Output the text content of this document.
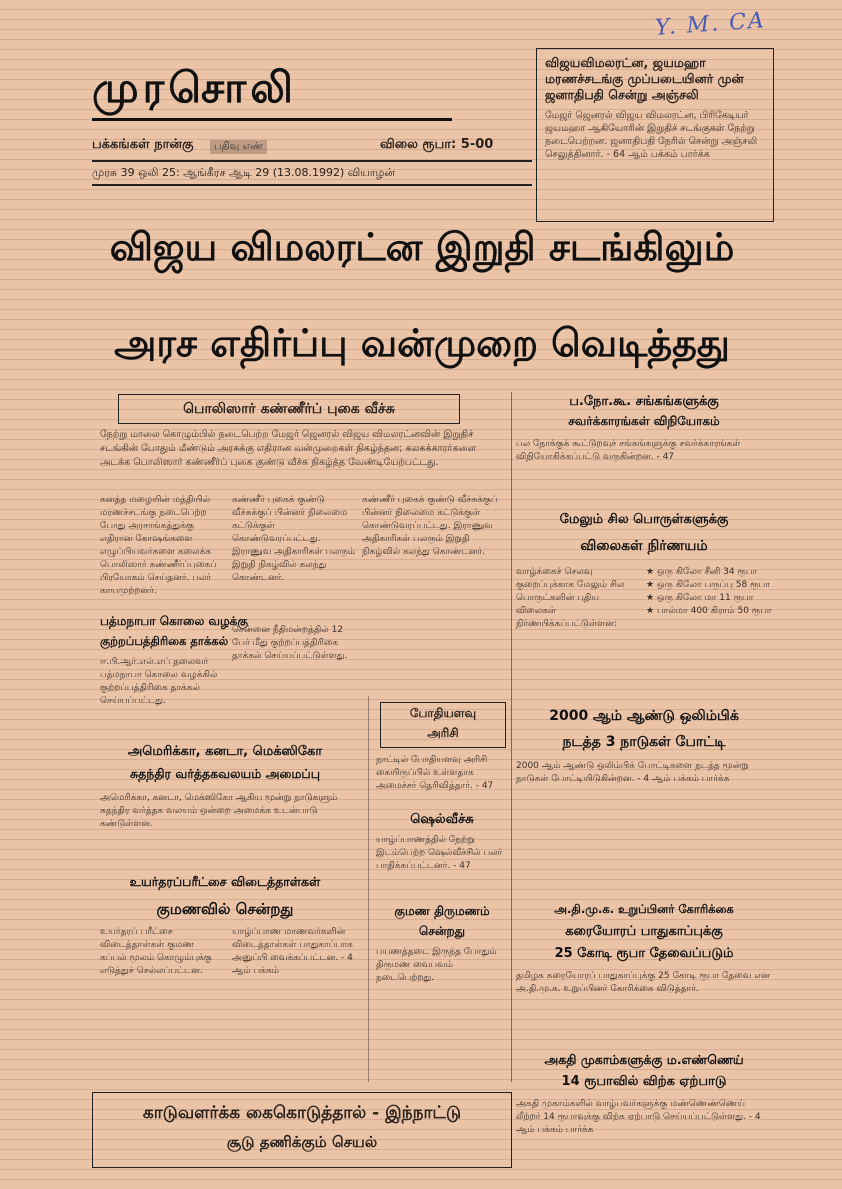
Y. M. CA
முரசொலி
பக்கங்கள் நான்கு	பதிவு எண்	விலை ரூபா: 5-00
முரசு 39 ஒலி 25: ஆங்கீரச ஆடி 29 (13.08.1992) வியாழன்
விஜயவிமலரட்ன, ஜயமஹா மரணச்சடங்கு முப்படையினர் முன் ஜனாதிபதி சென்று அஞ்சலி
மேஜர் ஜெனரல் விஜய விமலரட்ன, பிரிகேடியர் ஜயமஹா ஆகியோரின் இறுதிச் சடங்குகள் நேற்று நடைபெற்றன. ஜனாதிபதி நேரில் சென்று அஞ்சலி செலுத்தினார். - 64 ஆம் பக்கம் பார்க்க
விஜய விமலரட்ன இறுதி சடங்கிலும்
அரச எதிர்ப்பு வன்முறை வெடித்தது
பொலிஸார் கண்ணீர்ப் புகை வீச்சு
நேற்று மாலை கொழும்பில் நடைபெற்ற மேஜர் ஜெனரல் விஜய விமலரட்னவின் இறுதிச் சடங்கின் போதும் மீண்டும் அரசுக்கு எதிரான வன்முறைகள் நிகழ்ந்தன; கலகக்காரர்களை அடக்க பொலிஸார் கண்ணீர்ப் புகை குண்டு வீச்சு நிகழ்த்த வேண்டியேற்பட்டது.
கனத்த மழையின் மத்தியில் மரணச்சடங்கு நடைபெற்ற போது அரசாங்கத்துக்கு எதிரான கோஷங்களை எழுப்பியவர்களை கலைக்க பொலிஸார் கண்ணீர்ப்புகைப் பிரயோகம் செய்தனர். பலர் காயமுற்றனர்.
கண்ணீர் புகைக் குண்டு வீச்சுக்குப் பின்னர் நிலைமை கட்டுக்குள் கொண்டுவரப்பட்டது. இராணுவ அதிகாரிகள் பலரும் இறுதி நிகழ்வில் கலந்து கொண்டனர்.
பத்மநாபா கொலை வழக்கு
குற்றப்பத்திரிகை தாக்கல்
ஈ.பி.ஆர்.எல்.எப் தலைவர் பத்மநாபா கொலை வழக்கில் குற்றப்பத்திரிகை தாக்கல் செய்யப்பட்டது.
சென்னை நீதிமன்றத்தில் 12 பேர் மீது குற்றப்பத்திரிகை தாக்கல் செய்யப்பட்டுள்ளது.
கண்ணீர் புகைக் குண்டு வீச்சுக்குப் பின்னர் நிலைமை கட்டுக்குள் கொண்டுவரப்பட்டது. இராணுவ அதிகாரிகள் பலரும் இறுதி நிகழ்வில் கலந்து கொண்டனர்.
அமெரிக்கா, கனடா, மெக்ஸிகோ
சுதந்திர வர்த்தகவலயம் அமைப்பு
அமெரிக்கா, கனடா, மெக்ஸிகோ ஆகிய மூன்று நாடுகளும் சுதந்திர வர்த்தக வலயம் ஒன்றை அமைக்க உடன்பாடு கண்டுள்ளன.
உயர்தரப்பரீட்சை விடைத்தாள்கள்
குமணவில் சென்றது
உயர்தரப் பரீட்சை விடைத்தாள்கள் குமண கப்பல் மூலம் கொழும்புக்கு எடுத்துச் செல்லப்பட்டன.
யாழ்ப்பாண மாணவர்களின் விடைத்தாள்கள் பாதுகாப்பாக அனுப்பி வைக்கப்பட்டன. - 4 ஆம் பக்கம்
போதியளவு
அரிசி
நாட்டில் போதியளவு அரிசி கையிருப்பில் உள்ளதாக அமைச்சர் தெரிவித்தார். - 47
ஷெல்வீச்சு
யாழ்ப்பாணத்தில் நேற்று இடம்பெற்ற ஷெல்வீச்சில் பலர் பாதிக்கப்பட்டனர். - 47
குமண திருமணம்
சென்றது
பயணத்தடை இருந்த போதும் திருமண வைபவம் நடைபெற்றது.
ப.நோ.கூ. சங்கங்களுக்கு
சவர்க்காரங்கள் விநியோகம்
பல நோக்குக் கூட்டுறவுச் சங்கங்களுக்கு சவர்க்காரங்கள் விநியோகிக்கப்பட்டு வருகின்றன. - 47
மேலும் சில பொருள்களுக்கு
விலைகள் நிர்ணயம்
வாழ்க்கைச் செலவு குறைப்புக்காக மேலும் சில பொருட்களின் புதிய விலைகள் நிர்ணயிக்கப்பட்டுள்ளன:
★ ஒரு கிலோ சீனி 34 ரூபா
★ ஒரு கிலோ பருப்பு 58 ரூபா
★ ஒரு கிலோ மா 11 ரூபா
★ பால்மா 400 கிராம் 50 ரூபா
2000 ஆம் ஆண்டு ஒலிம்பிக்
நடத்த 3 நாடுகள் போட்டி
2000 ஆம் ஆண்டு ஒலிம்பிக் போட்டிகளை நடத்த மூன்று நாடுகள் போட்டியிடுகின்றன. - 4 ஆம் பக்கம் பார்க்க
அ.தி.மு.க. உறுப்பினர் கோரிக்கை
கரையோரப் பாதுகாப்புக்கு
25 கோடி ரூபா தேவைப்படும்
தமிழக கரையோரப் பாதுகாப்புக்கு 25 கோடி ரூபா தேவை என அ.தி.மு.க. உறுப்பினர் கோரிக்கை விடுத்தார்.
அகதி முகாம்களுக்கு ம.எண்ணெய்
14 ரூபாவில் விற்க ஏற்பாடு
அகதி முகாம்களில் வாழ்பவர்களுக்கு மண்ணெண்ணெய் லீற்றர் 14 ரூபாவுக்கு விற்க ஏற்பாடு செய்யப்பட்டுள்ளது. - 4 ஆம் பக்கம் பார்க்க
காடுவளர்க்க கைகொடுத்தால் - இந்நாட்டு
சூடு தணிக்கும் செயல்
